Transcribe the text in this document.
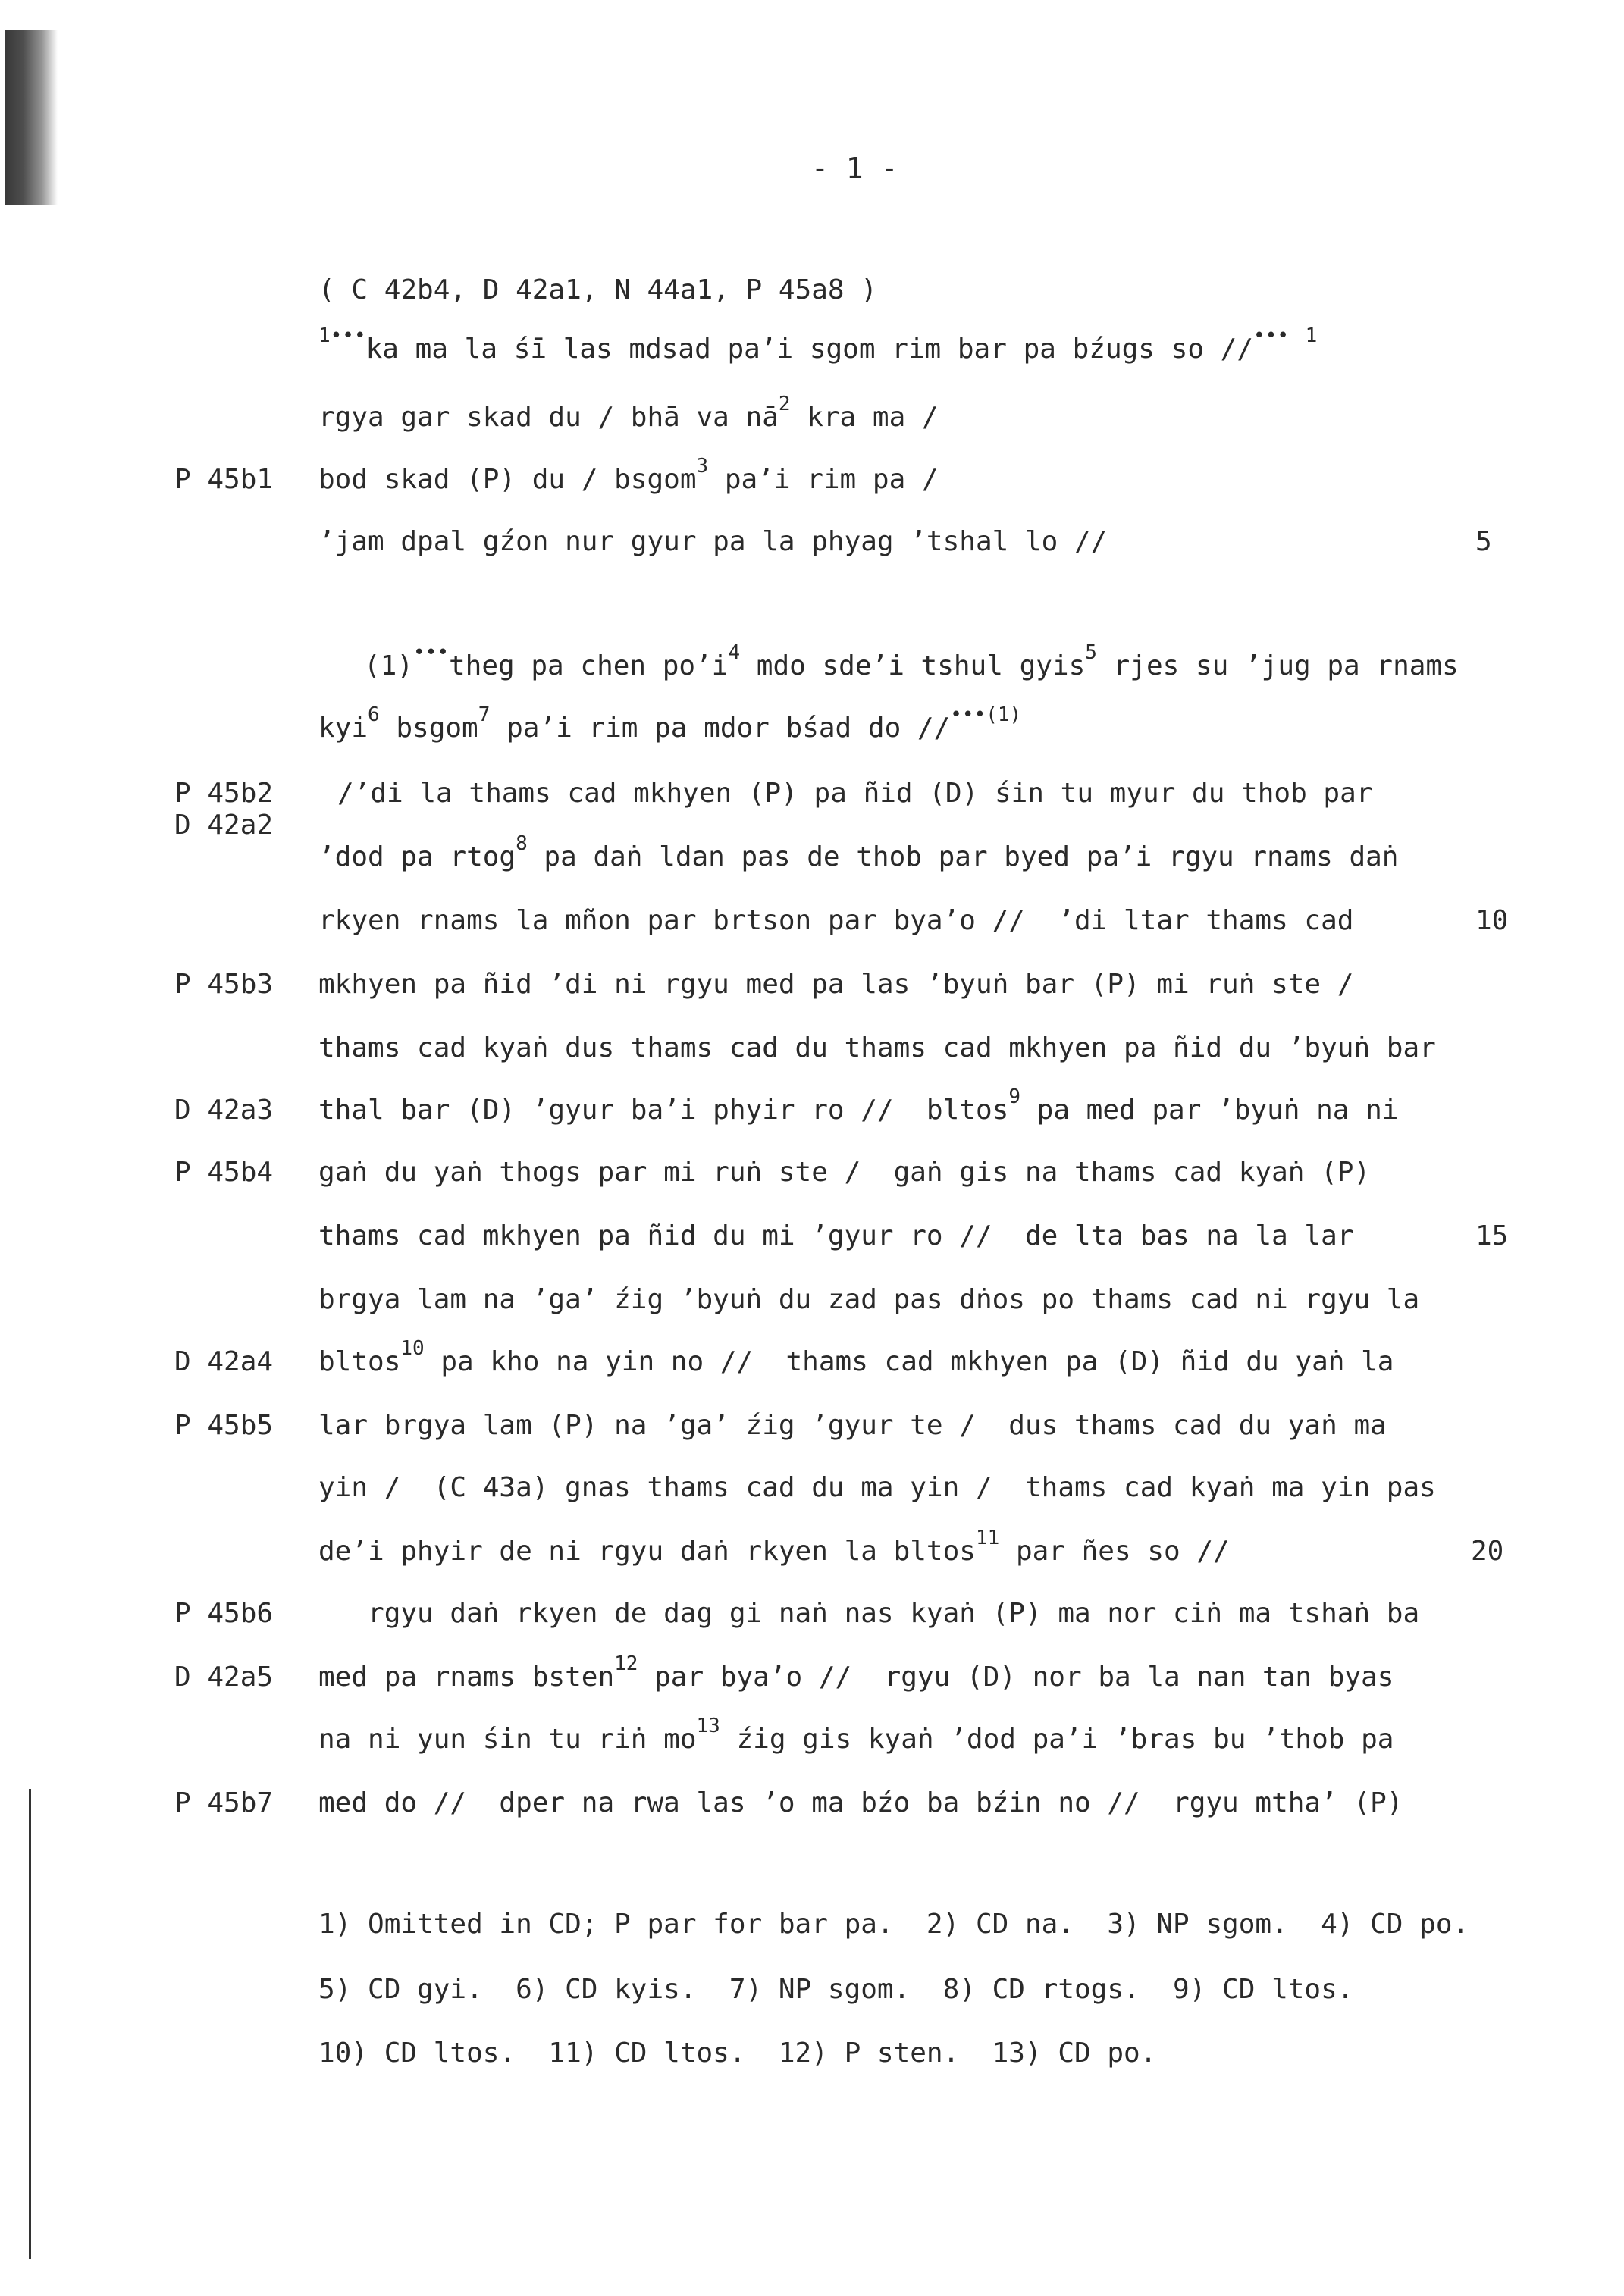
- 1 -
( C 42b4, D 42a1, N 44a1, P 45a8 )
$^{1•••}$ka ma la śī las mdsad pa’i sgom rim bar pa bźugs so //••• $^1$
rgya gar skad du / bhā va $nā^2$ kra ma /
P 45b1 bod skad (P) du / bsgom$^3$ pa’i rim pa /
’jam dpal gźon nur gyur pa la phyag ’tshal lo //	5
(1)•••theg pa chen $po’i^4$ mdo sde’i tshul gyis$^5$ rjes su ’jug pa rnams
kyi$^6$ bsgom$^7$ pa’i rim pa mdor bśad do //$^{•••(1)}$
P 45b2
D 42a2
/’di la thams cad mkhyen (P) pa ñid (D) śin tu myur du thob par
’dod pa rtog$^8$ pa daṅ ldan pas de thob par byed pa’i rgyu rnams daṅ
rkyen rnams la mñon par brtson par bya’o //  ’di ltar thams cad	10
P 45b3 mkhyen pa ñid ’di ni rgyu med pa las ’byuṅ bar (P) mi ruṅ ste /
thams cad kyaṅ dus thams cad du thams cad mkhyen pa ñid du ’byuṅ bar
D 42a3 thal bar (D) ’gyur ba’i phyir ro //  bltos$^9$ pa med par ’byuṅ na ni
P 45b4 gaṅ du yaṅ thogs par mi ruṅ ste /  gaṅ gis na thams cad kyaṅ (P)
thams cad mkhyen pa ñid du mi ’gyur ro //  de lta bas na la lar	15
brgya lam na ’ga’ źig ’byuṅ du zad pas dṅos po thams cad ni rgyu la
D 42a4 bltos$^{10}$ pa kho na yin no //  thams cad mkhyen pa (D) ñid du yaṅ la
P 45b5 lar brgya lam (P) na ’ga’ źig ’gyur te /  dus thams cad du yaṅ ma
yin /  (C 43a) gnas thams cad du ma yin /  thams cad kyaṅ ma yin pas
de’i phyir de ni rgyu daṅ rkyen la bltos$^{11}$ par ñes so //	20
P 45b6 rgyu daṅ rkyen de dag gi naṅ nas kyaṅ (P) ma nor ciṅ ma tshaṅ ba
D 42a5 med pa rnams bsten$^{12}$ par bya’o //  rgyu (D) nor ba la nan tan byas
na ni yun śin tu riṅ $mo^{13}$ źig gis kyaṅ ’dod pa’i ’bras bu ’thob pa
P 45b7 med do //  dper na rwa las ’o ma bźo ba bźin no //  rgyu mtha’ (P)
1) Omitted in CD; P par for bar pa.  2) CD na.  3) NP sgom.  4) CD po.
5) CD gyi.  6) CD kyis.  7) NP sgom.  8) CD rtogs.  9) CD ltos.
10) CD ltos.  11) CD ltos.  12) P sten.  13) CD po.
